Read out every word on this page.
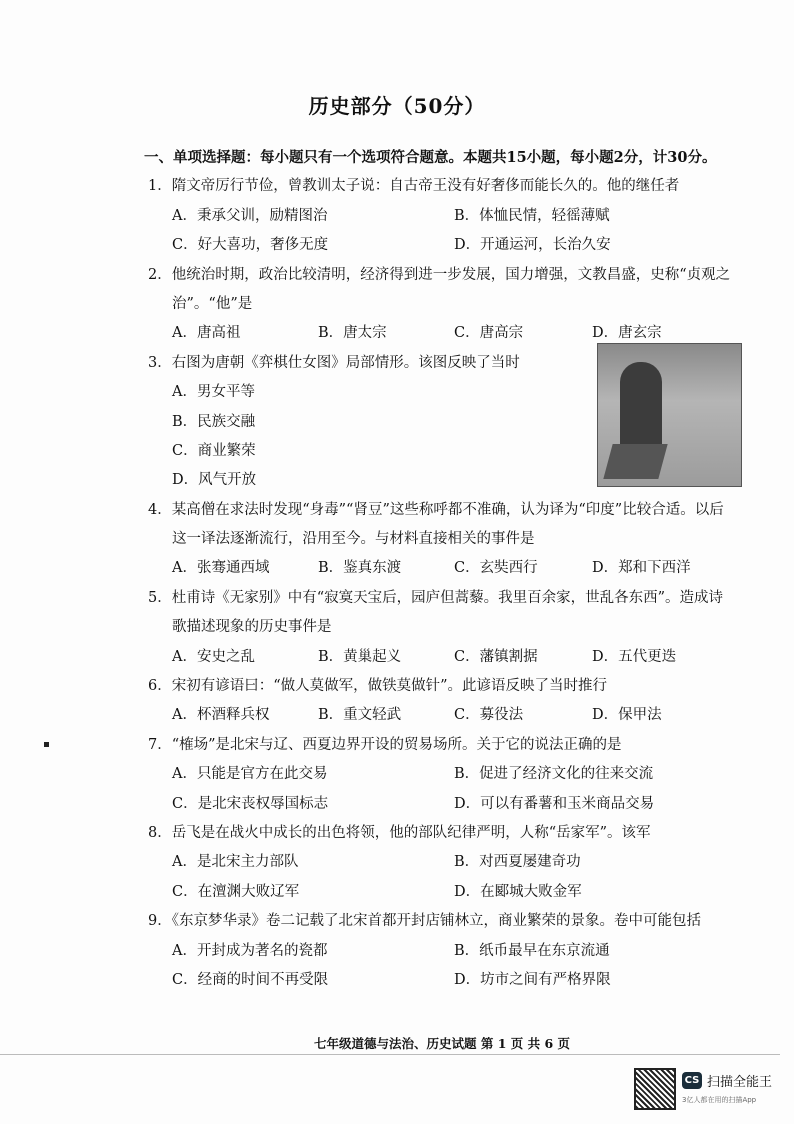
历史部分（50分）
一、单项选择题：每小题只有一个选项符合题意。本题共15小题，每小题2分，计30分。
1．隋文帝厉行节俭，曾教训太子说：自古帝王没有好奢侈而能长久的。他的继任者
A．秉承父训，励精图治	B．体恤民情，轻徭薄赋
C．好大喜功，奢侈无度	D．开通运河，长治久安
2．他统治时期，政治比较清明，经济得到进一步发展，国力增强，文教昌盛，史称“贞观之
治”。“他”是
A．唐高祖	B．唐太宗	C．唐高宗	D．唐玄宗
3．右图为唐朝《弈棋仕女图》局部情形。该图反映了当时
A．男女平等
B．民族交融
C．商业繁荣
D．风气开放
4．某高僧在求法时发现“身毒”“肾豆”这些称呼都不准确，认为译为“印度”比较合适。以后
这一译法逐渐流行，沿用至今。与材料直接相关的事件是
A．张骞通西域	B．鉴真东渡	C．玄奘西行	D．郑和下西洋
5．杜甫诗《无家别》中有“寂寞天宝后，园庐但蒿藜。我里百余家，世乱各东西”。造成诗
歌描述现象的历史事件是
A．安史之乱	B．黄巢起义	C．藩镇割据	D．五代更迭
6．宋初有谚语曰：“做人莫做军，做铁莫做针”。此谚语反映了当时推行
A．杯酒释兵权	B．重文轻武	C．募役法	D．保甲法
7．“榷场”是北宋与辽、西夏边界开设的贸易场所。关于它的说法正确的是
A．只能是官方在此交易	B．促进了经济文化的往来交流
C．是北宋丧权辱国标志	D．可以有番薯和玉米商品交易
8．岳飞是在战火中成长的出色将领，他的部队纪律严明，人称“岳家军”。该军
A．是北宋主力部队	B．对西夏屡建奇功
C．在澶渊大败辽军	D．在郾城大败金军
9．《东京梦华录》卷二记载了北宋首都开封店铺林立，商业繁荣的景象。卷中可能包括
A．开封成为著名的瓷都	B．纸币最早在东京流通
C．经商的时间不再受限	D．坊市之间有严格界限
七年级道德与法治、历史试题 第 1 页 共 6 页
CS 扫描全能王
3亿人都在用的扫描App
